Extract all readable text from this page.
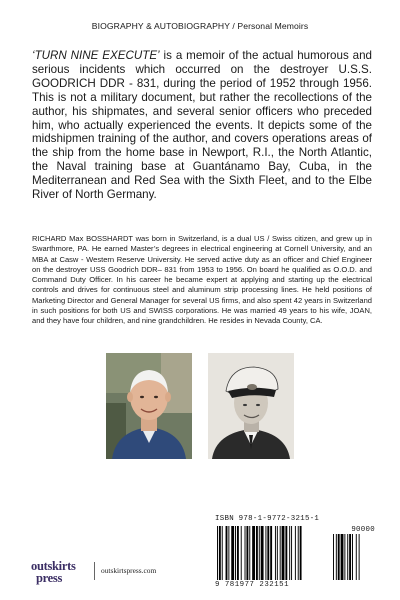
BIOGRAPHY & AUTOBIOGRAPHY / Personal Memoirs

‘TURN NINE EXECUTE’ is a memoir of the actual humorous and serious incidents which occurred on the destroyer U.S.S. GOODRICH DDR - 831, during the period of 1952 through 1956. This is not a military document, but rather the recollections of the author, his shipmates, and several senior officers who preceded him, who actually experienced the events. It depicts some of the midshipmen training of the author, and covers operations areas of the ship from the home base in Newport, R.I., the North Atlantic, the Naval training base at Guantánamo Bay, Cuba, in the Mediterranean and Red Sea with the Sixth Fleet, and to the Elbe River of North Germany.

RICHARD Max BOSSHARDT was born in Switzerland, is a dual US / Swiss citizen, and grew up in Swarthmore, PA. He earned Master’s degrees in electrical engineering at Cornell University, and an MBA at Casw - Western Reserve University. He served active duty as an officer and Chief Engineer on the destroyer USS Goodrich DDR– 831 from 1953 to 1956. On board he qualified as O.O.D. and Command Duty Officer. In his career he became expert at applying and starting up the electrical controls and drives for continuous steel and aluminum strip processing lines. He held positions of Marketing Director and General Manager for several US firms, and also spent 42 years in Switzerland in such positions for both US and SWISS corporations. He was married 49 years to his wife, JOAN, and they have four children, and nine grandchildren. He resides in Nevada County, CA.

ISBN 978-1-9772-3215-1
90000
9 781977 232151
outskirts
press
outskirtspress.com
